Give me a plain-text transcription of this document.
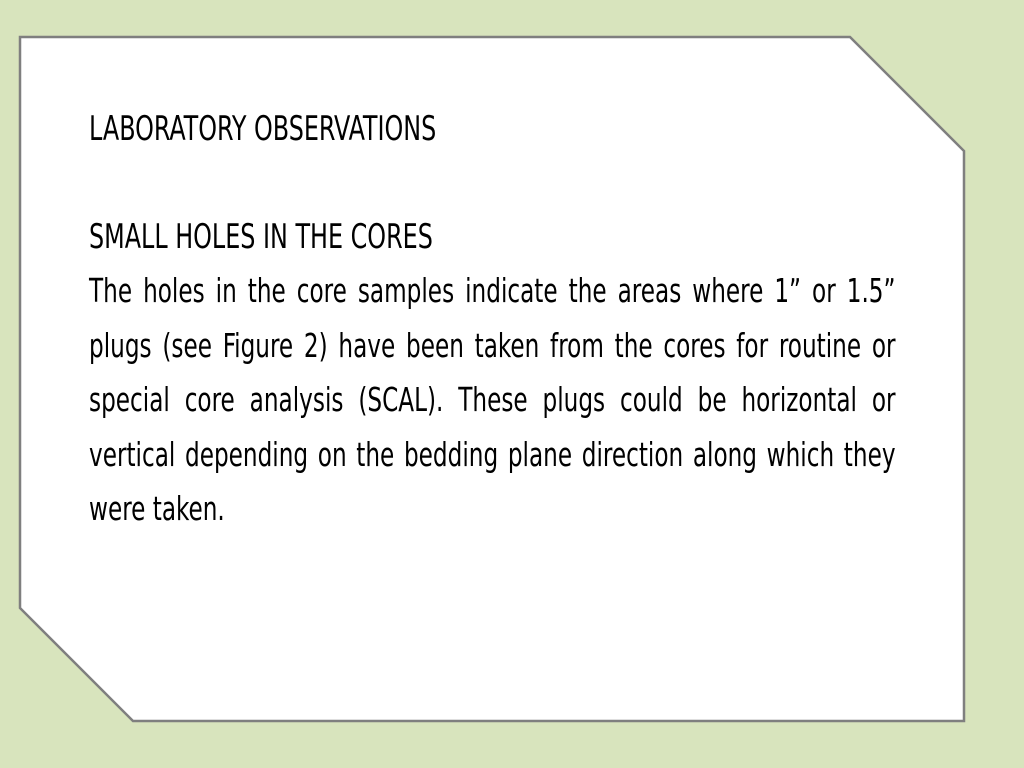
LABORATORY OBSERVATIONS
SMALL HOLES IN THE CORES
The holes in the core samples indicate the areas where 1” or 1.5” plugs (see Figure 2) have been taken from the cores for routine or special core analysis (SCAL). These plugs could be horizontal or vertical depending on the bedding plane direction along which they were taken.
